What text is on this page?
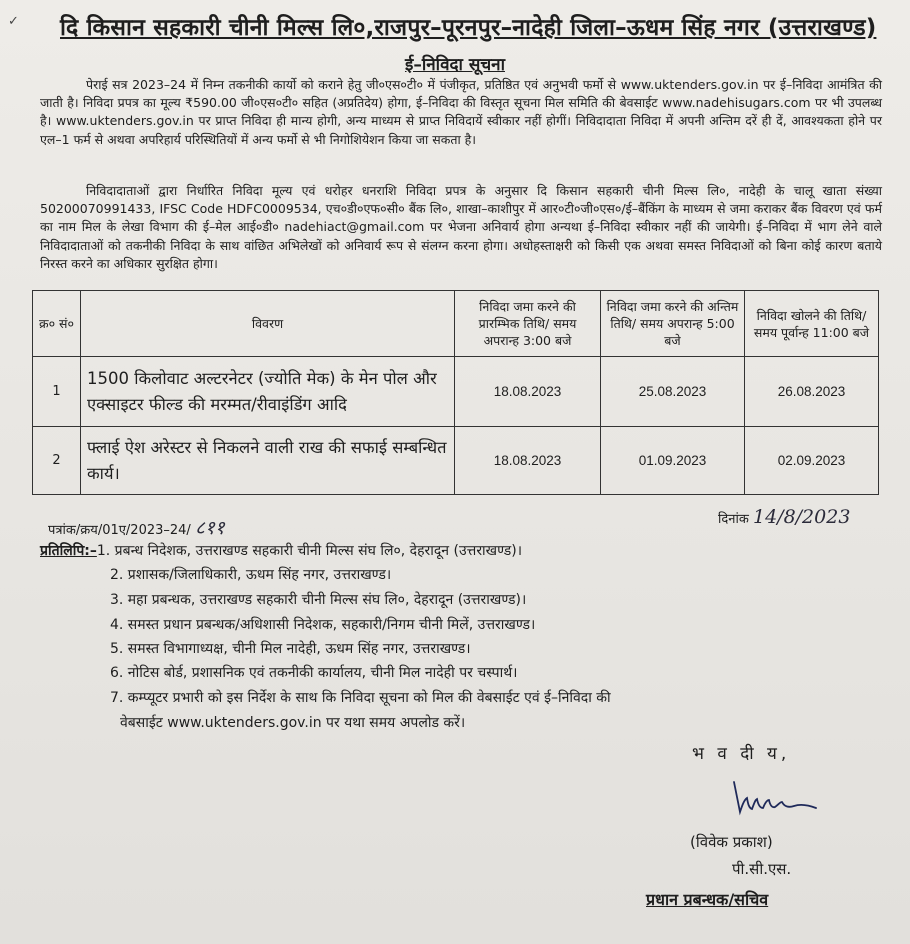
✓ दि किसान सहकारी चीनी मिल्स लि०,राजपुर–पूरनपुर–नादेही जिला–ऊधम सिंह नगर (उत्तराखण्ड)
ई–निविदा सूचना

पेराई सत्र 2023–24 में निम्न तकनीकी कार्यो को कराने हेतु जी०एस०टी० में पंजीकृत, प्रतिष्ठित एवं अनुभवी फर्मो से www.uktenders.gov.in पर ई–निविदा आमंत्रित की जाती है। निविदा प्रपत्र का मूल्य ₹590.00 जी०एस०टी० सहित (अप्रतिदेय) होगा, ई–निविदा की विस्तृत सूचना मिल समिति की बेवसाईट www.nadehisugars.com पर भी उपलब्ध है। www.uktenders.gov.in पर प्राप्त निविदा ही मान्य होगी, अन्य माध्यम से प्राप्त निविदायें स्वीकार नहीं होगीं। निविदादाता निविदा में अपनी अन्तिम दरें ही दें, आवश्यकता होने पर एल–1 फर्म से अथवा अपरिहार्य परिस्थितियों में अन्य फर्मो से भी निगोशियेशन किया जा सकता है।

निविदादाताओं द्वारा निर्धारित निविदा मूल्य एवं धरोहर धनराशि निविदा प्रपत्र के अनुसार दि किसान सहकारी चीनी मिल्स लि०, नादेही के चालू खाता संख्या 50200070991433, IFSC Code HDFC0009534, एच०डी०एफ०सी० बैंक लि०, शाखा–काशीपुर में आर०टी०जी०एस०/ई–बैंकिंग के माध्यम से जमा कराकर बैंक विवरण एवं फर्म का नाम मिल के लेखा विभाग की ई–मेल आई०डी० nadehiact@gmail.com पर भेजना अनिवार्य होगा अन्यथा ई–निविदा स्वीकार नहीं की जायेगी। ई–निविदा में भाग लेने वाले निविदादाताओं को तकनीकी निविदा के साथ वांछित अभिलेखों को अनिवार्य रूप से संलग्न करना होगा। अधोहस्ताक्षरी को किसी एक अथवा समस्त निविदाओं को बिना कोई कारण बताये निरस्त करने का अधिकार सुरक्षित होगा।

क्र० सं०	विवरण	निविदा जमा करने की प्रारम्भिक तिथि/ समय अपरान्ह 3:00 बजे	निविदा जमा करने की अन्तिम तिथि/ समय अपरान्ह 5:00 बजे	निविदा खोलने की तिथि/समय पूर्वान्ह 11:00 बजे
1	1500 किलोवाट अल्टरनेटर (ज्योति मेक) के मेन पोल और एक्साइटर फील्ड की मरम्मत/रीवाइंडिंग आदि	18.08.2023	25.08.2023	26.08.2023
2	फ्लाई ऐश अरेस्टर से निकलने वाली राख की सफाई सम्बन्धित कार्य।	18.08.2023	01.09.2023	02.09.2023
पत्रांक/क्रय/01ए/2023–24/ ८११	दिनांक 14/8/2023
प्रतिलिपि:–1. प्रबन्ध निदेशक, उत्तराखण्ड सहकारी चीनी मिल्स संघ लि०, देहरादून (उत्तराखण्ड)।
2. प्रशासक/जिलाधिकारी, ऊधम सिंह नगर, उत्तराखण्ड।
3. महा प्रबन्धक, उत्तराखण्ड सहकारी चीनी मिल्स संघ लि०, देहरादून (उत्तराखण्ड)।
4. समस्त प्रधान प्रबन्धक/अधिशासी निदेशक, सहकारी/निगम चीनी मिलें, उत्तराखण्ड।
5. समस्त विभागाध्यक्ष, चीनी मिल नादेही, ऊधम सिंह नगर, उत्तराखण्ड।
6. नोटिस बोर्ड, प्रशासनिक एवं तकनीकी कार्यालय, चीनी मिल नादेही पर चस्पार्थ।
7. कम्प्यूटर प्रभारी को इस निर्देश के साथ कि निविदा सूचना को मिल की वेबसाईट एवं ई–निविदा की
वेबसाईट www.uktenders.gov.in पर यथा समय अपलोड करें।
भ व दी य,
(विवेक प्रकाश)
पी.सी.एस.
प्रधान प्रबन्धक/सचिव
